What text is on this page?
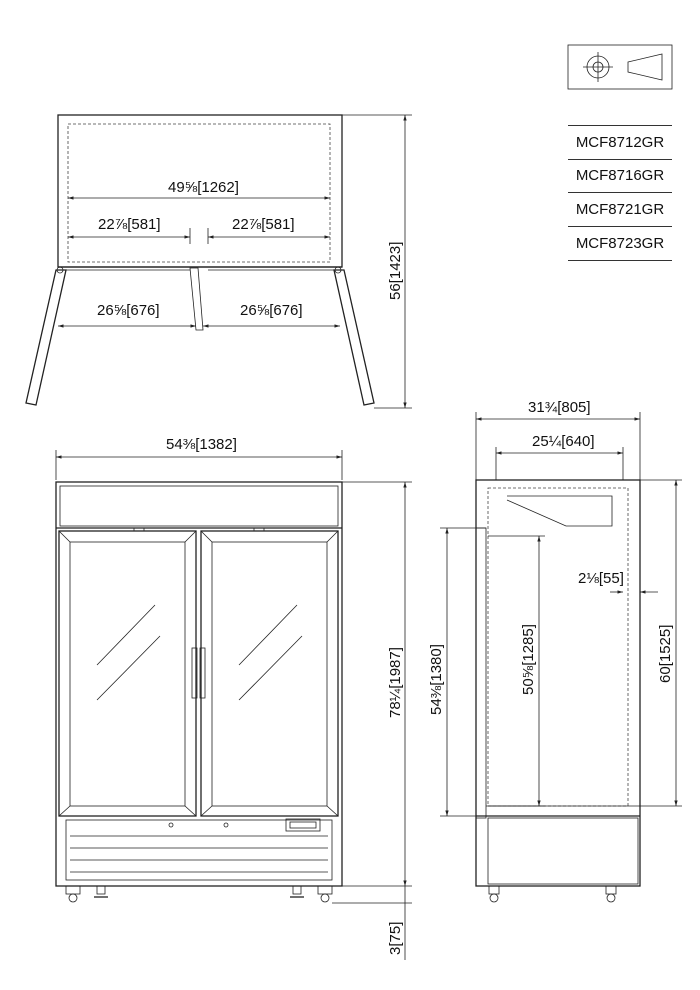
MCF8712GR
MCF8716GR
MCF8721GR
MCF8723GR
49⅝[1262]
22⅞[581]	22⅞[581]
26⅝[676]	26⅝[676]
56[1423]
54⅜[1382]
78¼[1987]
3[75]
31¾[805]
25¼[640]
2⅛[55]
54⅜[1380]	50⅝[1285]	60[1525]
